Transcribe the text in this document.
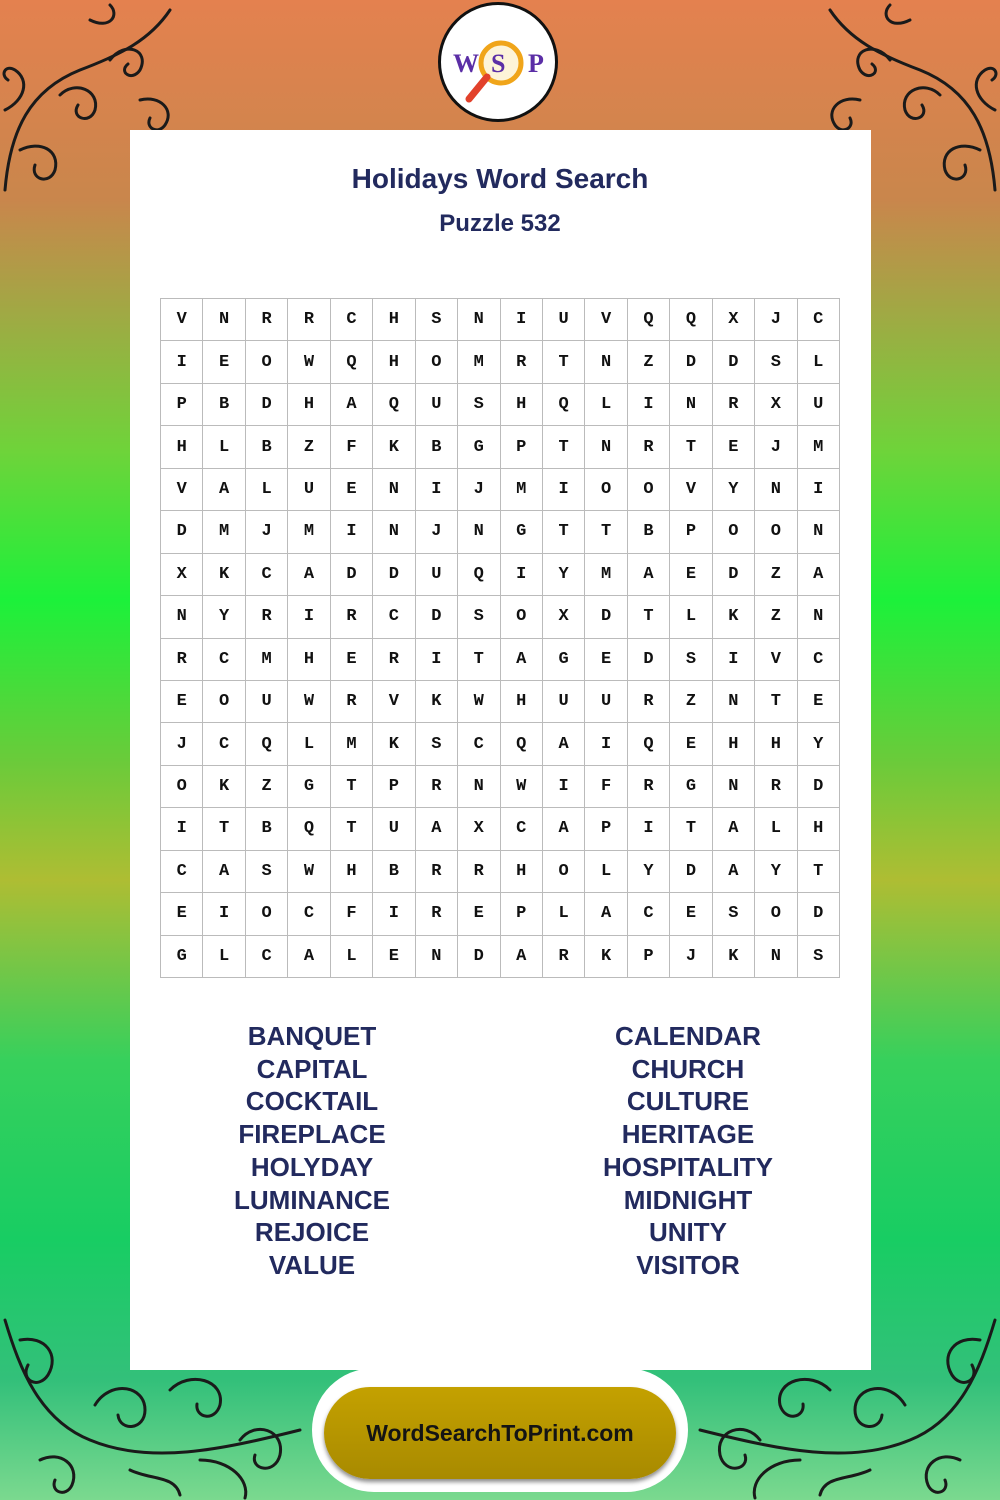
W S P
Holidays Word Search
Puzzle 532
V	N	R	R	C	H	S	N	I	U	V	Q	Q	X	J	C
I	E	O	W	Q	H	O	M	R	T	N	Z	D	D	S	L
P	B	D	H	A	Q	U	S	H	Q	L	I	N	R	X	U
H	L	B	Z	F	K	B	G	P	T	N	R	T	E	J	M
V	A	L	U	E	N	I	J	M	I	O	O	V	Y	N	I
D	M	J	M	I	N	J	N	G	T	T	B	P	O	O	N
X	K	C	A	D	D	U	Q	I	Y	M	A	E	D	Z	A
N	Y	R	I	R	C	D	S	O	X	D	T	L	K	Z	N
R	C	M	H	E	R	I	T	A	G	E	D	S	I	V	C
E	O	U	W	R	V	K	W	H	U	U	R	Z	N	T	E
J	C	Q	L	M	K	S	C	Q	A	I	Q	E	H	H	Y
O	K	Z	G	T	P	R	N	W	I	F	R	G	N	R	D
I	T	B	Q	T	U	A	X	C	A	P	I	T	A	L	H
C	A	S	W	H	B	R	R	H	O	L	Y	D	A	Y	T
E	I	O	C	F	I	R	E	P	L	A	C	E	S	O	D
G	L	C	A	L	E	N	D	A	R	K	P	J	K	N	S
BANQUET
CAPITAL
COCKTAIL
FIREPLACE
HOLYDAY
LUMINANCE
REJOICE
VALUE
CALENDAR
CHURCH
CULTURE
HERITAGE
HOSPITALITY
MIDNIGHT
UNITY
VISITOR
WordSearchToPrint.com
